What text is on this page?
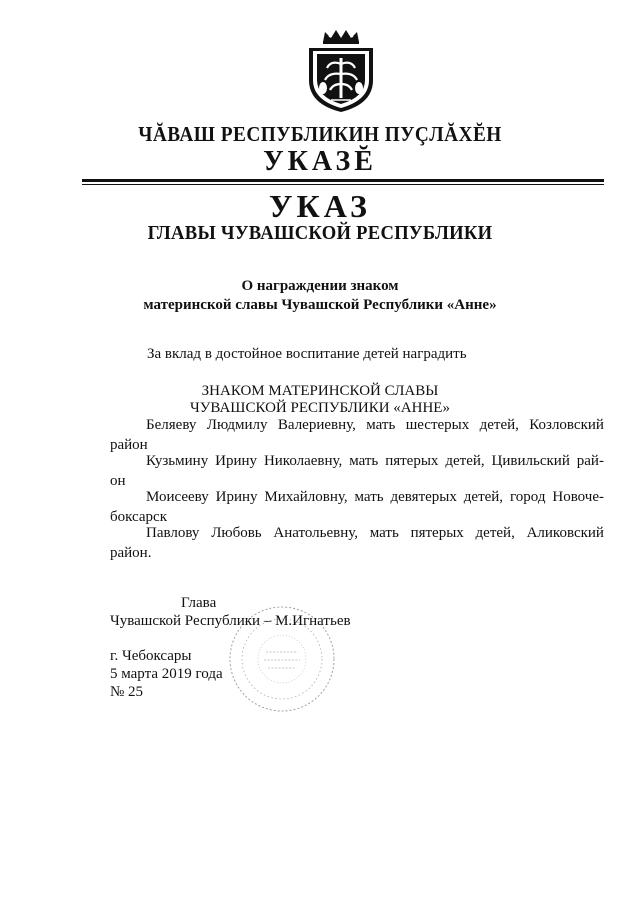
ЧĂВАШ РЕСПУБЛИКИН ПУÇЛĂХĔН
УКАЗĔ
УКАЗ
ГЛАВЫ ЧУВАШСКОЙ РЕСПУБЛИКИ
О награждении знаком
материнской славы Чувашской Республики «Анне»
За вклад в достойное воспитание детей наградить
ЗНАКОМ МАТЕРИНСКОЙ СЛАВЫ
ЧУВАШСКОЙ РЕСПУБЛИКИ «АННЕ»
Беляеву Людмилу Валериевну, мать шестерых детей, Козловский
район
Кузьмину Ирину Николаевну, мать пятерых детей, Цивильский рай-
он
Моисееву Ирину Михайловну, мать девятерых детей, город Новоче-
боксарск
Павлову Любовь Анатольевну, мать пятерых детей, Аликовский
район.
Глава
Чувашской Республики – М.Игнатьев
г. Чебоксары
5 марта 2019 года
№ 25
